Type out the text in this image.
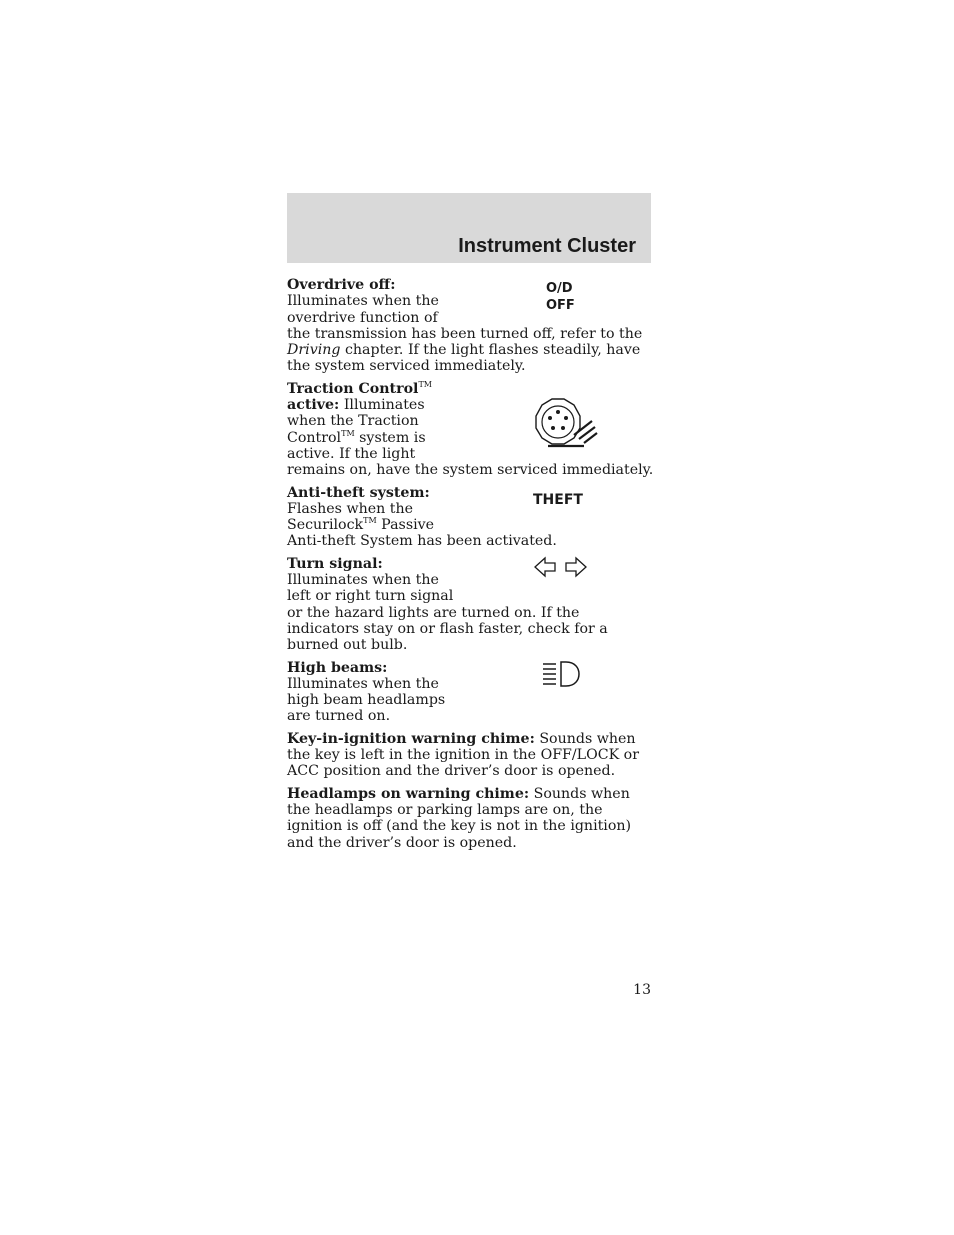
Instrument Cluster
Overdrive off:
Illuminates when the
overdrive function of
the transmission has been turned off, refer to the Driving chapter. If the light flashes steadily, have the system serviced immediately.
O/D
OFF
Traction Control™
active: Illuminates
when the Traction
Control™ system is
active. If the light
remains on, have the system serviced immediately.
Anti-theft system:
Flashes when the
Securilock™ Passive
Anti-theft System has been activated.
THEFT
Turn signal:
Illuminates when the
left or right turn signal
or the hazard lights are turned on. If the indicators stay on or flash faster, check for a burned out bulb.
High beams:
Illuminates when the
high beam headlamps
are turned on.
Key-in-ignition warning chime: Sounds when the key is left in the ignition in the OFF/LOCK or ACC position and the driver’s door is opened.
Headlamps on warning chime: Sounds when the headlamps or parking lamps are on, the ignition is off (and the key is not in the ignition) and the driver’s door is opened.
13
